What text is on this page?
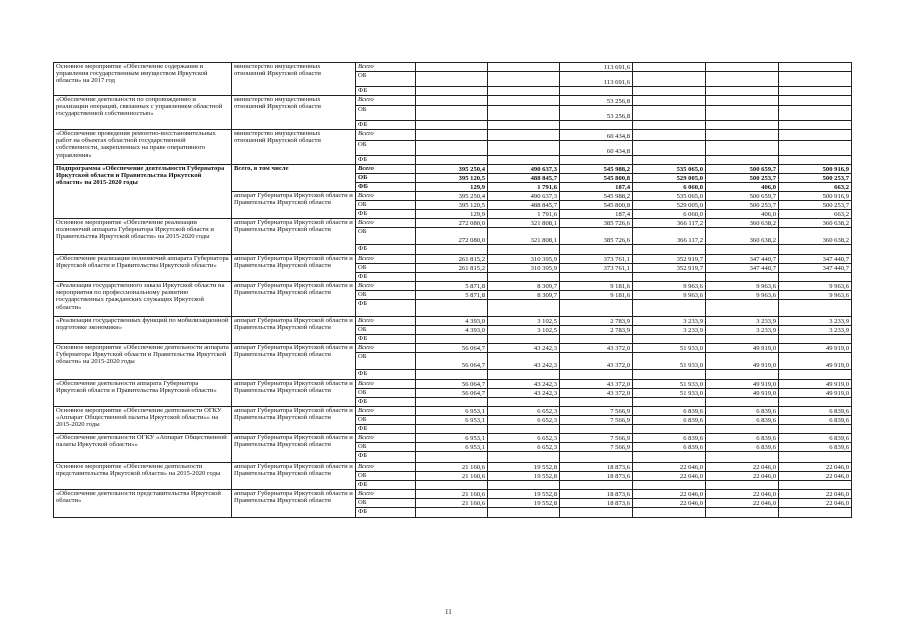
Основное мероприятие «Обеспечение содержания и управления государственным имуществом Иркутской области» на 2017 год	министерство имущественных отношений Иркутской области	Всего			113 691,6			
		ОБ			113 691,6			
		ФБ						
«Обеспечение деятельности по сопровождению и реализации операций, связанных с управлением областной государственной собственностью»	министерство имущественных отношений Иркутской области	Всего			53 256,8			
		ОБ			53 256,8			
		ФБ						
«Обеспечение проведения ремонтно-восстановительных работ на объектах областной государственной собственности, закрепленных на праве оперативного управления»	министерство имущественных отношений Иркутской области	Всего			60 434,8			
		ОБ			60 434,8			
		ФБ						
Подпрограмма «Обеспечение деятельности Губернатора Иркутской области и Правительства Иркутской области» на 2015-2020 годы	Всего, в том числе	Всего	395 250,4	490 637,3	545 988,2	535 065,0	500 659,7	500 916,9
		ОБ	395 120,5	488 845,7	545 800,8	529 005,0	500 253,7	500 253,7
		ФБ	129,9	1 791,6	187,4	6 060,0	406,0	663,2
	аппарат Губернатора Иркутской области и Правительства Иркутской области	Всего	395 250,4	490 637,3	545 988,2	535 065,0	500 659,7	500 916,9
		ОБ	395 120,5	488 845,7	545 800,8	529 005,0	500 253,7	500 253,7
		ФБ	129,9	1 791,6	187,4	6 060,0	406,0	663,2
Основное мероприятие «Обеспечение реализации полномочий аппарата Губернатора Иркутской области и Правительства Иркутской области» на 2015-2020 годы	аппарат Губернатора Иркутской области и Правительства Иркутской области	Всего	272 080,0	321 808,1	385 726,6	366 117,2	360 638,2	360 638,2
		ОБ	272 080,0	321 808,1	385 726,6	366 117,2	360 638,2	360 638,2
		ФБ						
«Обеспечение реализации полномочий аппарата Губернатора Иркутской области и Правительства Иркутской области»	аппарат Губернатора Иркутской области и Правительства Иркутской области	Всего	261 815,2	310 395,9	373 761,1	352 919,7	347 440,7	347 440,7
		ОБ	261 815,2	310 395,9	373 761,1	352 919,7	347 440,7	347 440,7
		ФБ						
«Реализация государственного заказа Иркутской области на мероприятия по профессиональному развитию государственных гражданских служащих Иркутской области»	аппарат Губернатора Иркутской области и Правительства Иркутской области	Всего	5 871,8	8 309,7	9 181,6	9 963,6	9 963,6	9 963,6
		ОБ	5 871,8	8 309,7	9 181,6	9 963,6	9 963,6	9 963,6
		ФБ						
«Реализация государственных функций по мобилизационной подготовке экономики»	аппарат Губернатора Иркутской области и Правительства Иркутской области	Всего	4 393,0	3 102,5	2 783,9	3 233,9	3 233,9	3 233,9
		ОБ	4 393,0	3 102,5	2 783,9	3 233,9	3 233,9	3 233,9
		ФБ						
Основное мероприятие «Обеспечение деятельности аппарата Губернатора Иркутской области и Правительства Иркутской области» на 2015-2020 годы	аппарат Губернатора Иркутской области и Правительства Иркутской области	Всего	56 064,7	43 242,3	43 372,0	51 933,0	49 919,0	49 919,0
		ОБ	56 064,7	43 242,3	43 372,0	51 933,0	49 919,0	49 919,0
		ФБ						
«Обеспечение деятельности аппарата Губернатора Иркутской области и Правительства Иркутской области»	аппарат Губернатора Иркутской области и Правительства Иркутской области	Всего	56 064,7	43 242,3	43 372,0	51 933,0	49 919,0	49 919,0
		ОБ	56 064,7	43 242,3	43 372,0	51 933,0	49 919,0	49 919,0
		ФБ						
Основное мероприятие «Обеспечение деятельности ОГКУ «Аппарат Общественной палаты Иркутской области»» на 2015-2020 годы	аппарат Губернатора Иркутской области и Правительства Иркутской области	Всего	6 953,1	6 652,3	7 566,9	6 839,6	6 839,6	6 839,6
		ОБ	6 953,1	6 652,3	7 566,9	6 839,6	6 839,6	6 839,6
		ФБ						
«Обеспечение деятельности ОГКУ «Аппарат Общественной палаты Иркутской области»»	аппарат Губернатора Иркутской области и Правительства Иркутской области	Всего	6 953,1	6 652,3	7 566,9	6 839,6	6 839,6	6 839,6
		ОБ	6 953,1	6 652,3	7 566,9	6 839,6	6 839,6	6 839,6
		ФБ						
Основное мероприятие «Обеспечение деятельности представительства Иркутской области» на 2015-2020 годы	аппарат Губернатора Иркутской области и Правительства Иркутской области	Всего	21 160,6	19 552,8	18 873,6	22 046,0	22 046,0	22 046,0
		ОБ	21 160,6	19 552,8	18 873,6	22 046,0	22 046,0	22 046,0
		ФБ						
«Обеспечение деятельности представительства Иркутской области»	аппарат Губернатора Иркутской области и Правительства Иркутской области	Всего	21 160,6	19 552,8	18 873,6	22 046,0	22 046,0	22 046,0
		ОБ	21 160,6	19 552,8	18 873,6	22 046,0	22 046,0	22 046,0
		ФБ						
11
